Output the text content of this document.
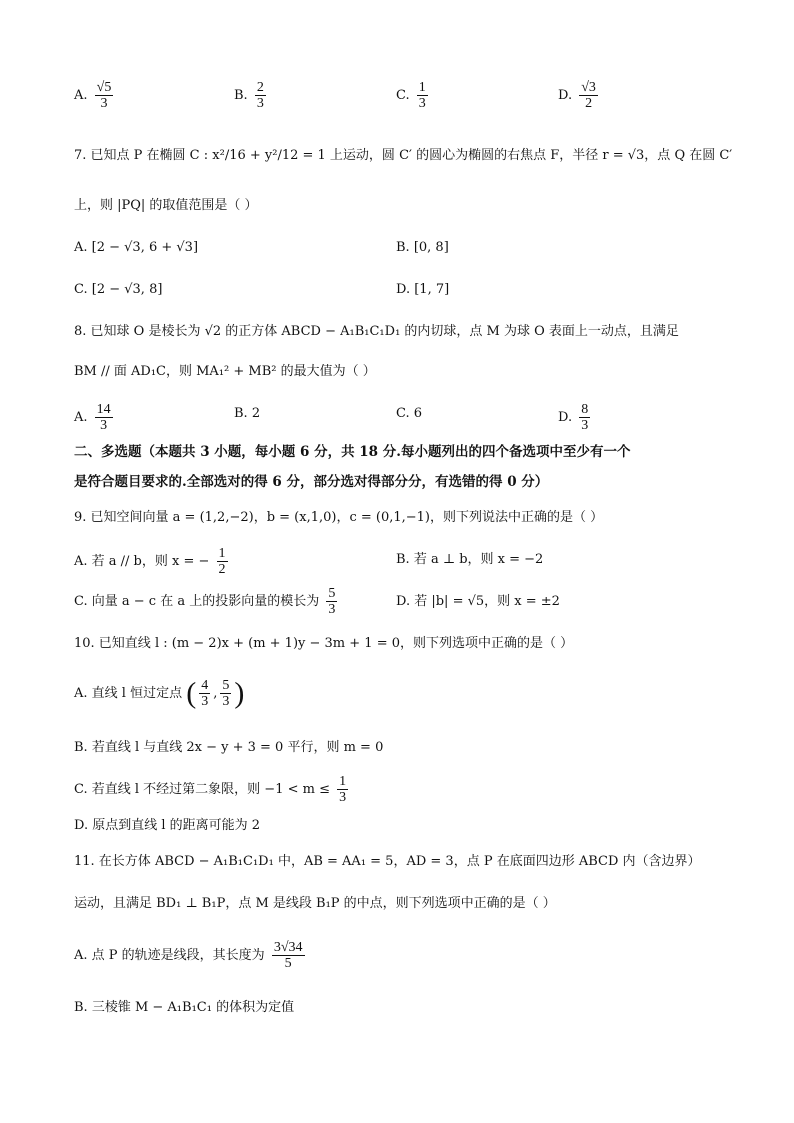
A. $\frac{√5}{3}$	B. $\frac{2}{3}$	C. $\frac{1}{3}$	D. $\frac{√3}{2}$
7. 已知点 P 在椭圆 C : x²/16 + y²/12 = 1 上运动，圆 C′ 的圆心为椭圆的右焦点 F，半径 r = √3，点 Q 在圆 C′
上，则 |PQ| 的取值范围是（ ）
A. [2 − √3, 6 + √3]	B. [0, 8]
C. [2 − √3, 8]	D. [1, 7]
8. 已知球 O 是棱长为 √2 的正方体 ABCD − A₁B₁C₁D₁ 的内切球，点 M 为球 O 表面上一动点，且满足
BM // 面 AD₁C，则 MA₁² + MB² 的最大值为（ ）
A. $\frac{14}{3}$	B. 2	C. 6	D. $\frac{8}{3}$
二、多选题（本题共 3 小题，每小题 6 分，共 18 分.每小题列出的四个备选项中至少有一个
是符合题目要求的.全部选对的得 6 分，部分选对得部分分，有选错的得 0 分）
9. 已知空间向量 a = (1,2,−2)，b = (x,1,0)，c = (0,1,−1)，则下列说法中正确的是（ ）
A. 若 a // b，则 x = − $\frac{1}{2}$	B. 若 a ⊥ b，则 x = −2
C. 向量 a − c 在 a 上的投影向量的模长为 $\frac{5}{3}$	D. 若 |b| = √5，则 x = ±2
10. 已知直线 l : (m − 2)x + (m + 1)y − 3m + 1 = 0，则下列选项中正确的是（ ）
A. 直线 l 恒过定点 ( $\frac{4}{3}$ , $\frac{5}{3}$ )
B. 若直线 l 与直线 2x − y + 3 = 0 平行，则 m = 0
C. 若直线 l 不经过第二象限，则 $-1 < m \le \frac{1}{3}$
D. 原点到直线 l 的距离可能为 2
11. 在长方体 ABCD − A₁B₁C₁D₁ 中，AB = AA₁ = 5，AD = 3，点 P 在底面四边形 ABCD 内（含边界）
运动，且满足 BD₁ ⊥ B₁P，点 M 是线段 B₁P 的中点，则下列选项中正确的是（ ）
A. 点 P 的轨迹是线段，其长度为 $\frac{3√34}{5}$
B. 三棱锥 M − A₁B₁C₁ 的体积为定值
